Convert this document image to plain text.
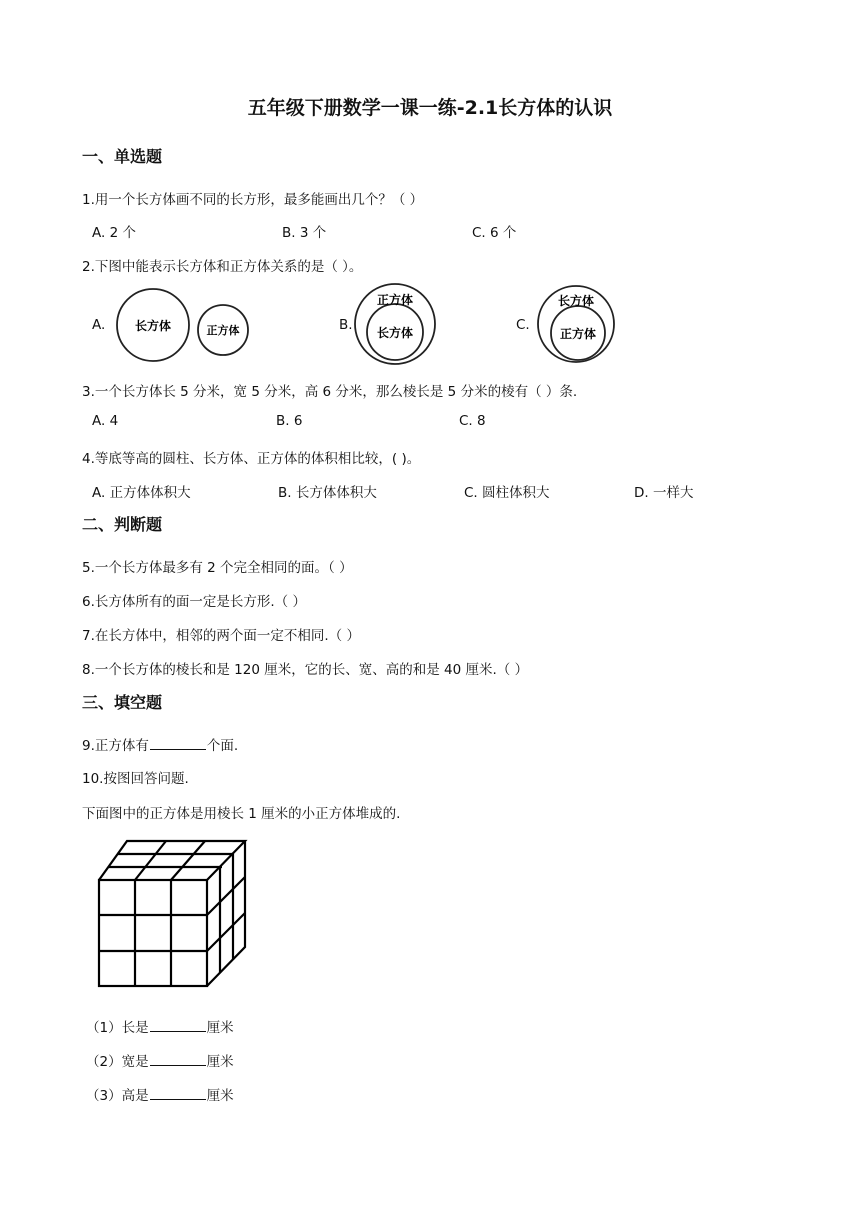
五年级下册数学一课一练-2.1长方体的认识
一、单选题
1.用一个长方体画不同的长方形，最多能画出几个？（ ）
A. 2 个	B. 3 个	C. 6 个
2.下图中能表示长方体和正方体关系的是（ ）。
A. 长方体	正方体	B.
正方体
长方体	C.
长方体
正方体
3.一个长方体长 5 分米，宽 5 分米，高 6 分米，那么棱长是 5 分米的棱有（ ）条.
A. 4	B. 6	C. 8
4.等底等高的圆柱、长方体、正方体的体积相比较，( )。
A. 正方体体积大	B. 长方体体积大	C. 圆柱体积大	D. 一样大
二、判断题
5.一个长方体最多有 2 个完全相同的面。（ ）
6.长方体所有的面一定是长方形.（ ）
7.在长方体中，相邻的两个面一定不相同.（ ）
8.一个长方体的棱长和是 120 厘米，它的长、宽、高的和是 40 厘米.（ ）
三、填空题
9.正方体有	个面.
10.按图回答问题.
下面图中的正方体是用棱长 1 厘米的小正方体堆成的.
（1）长是	厘米
（2）宽是	厘米
（3）高是	厘米
